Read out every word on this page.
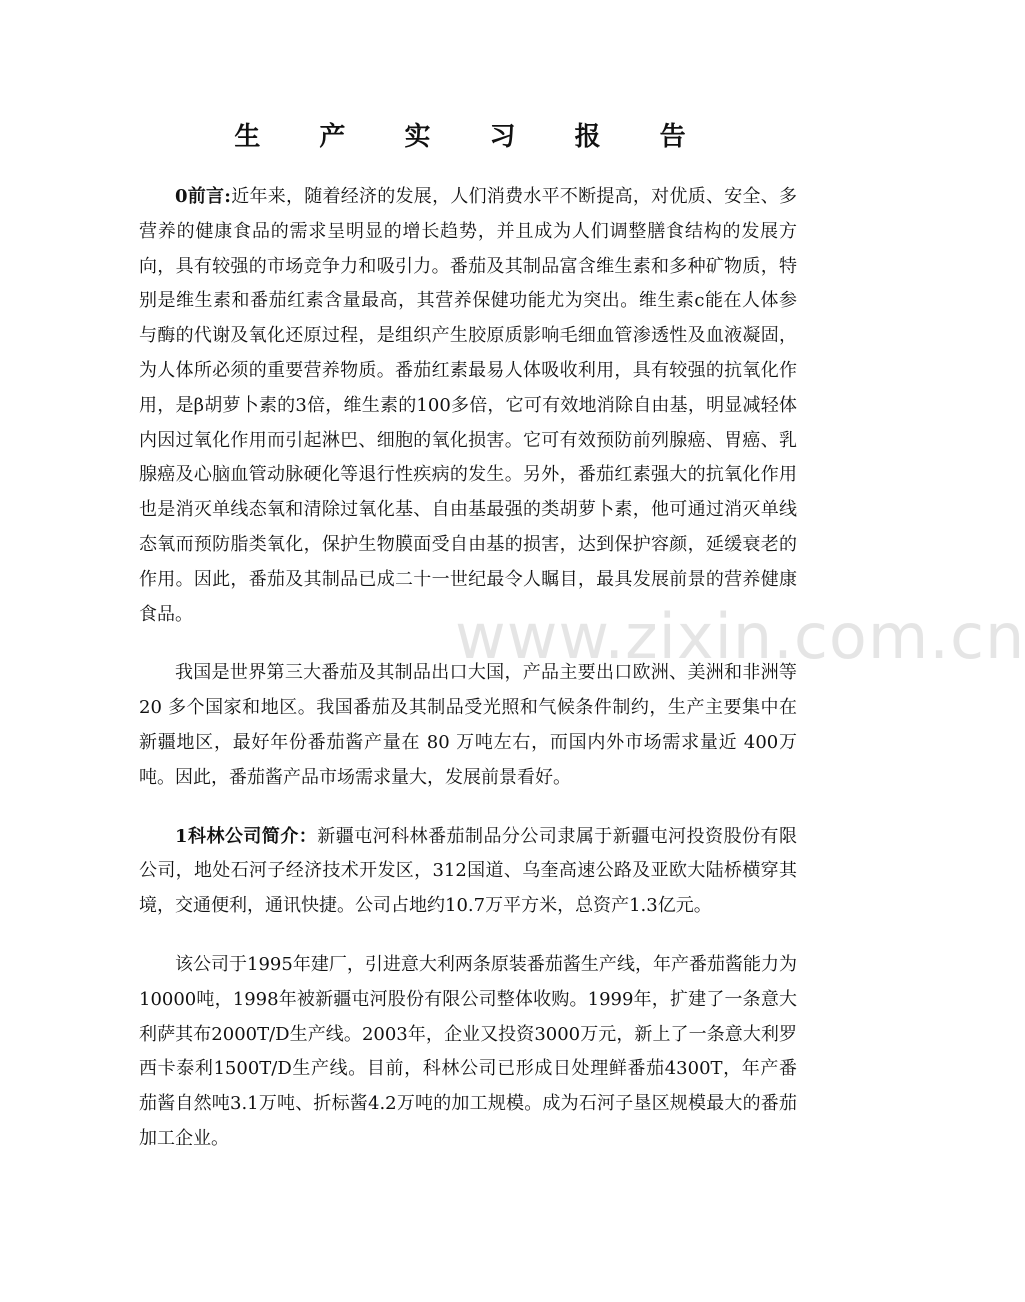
生 产 实 习 报 告

0前言:近年来，随着经济的发展，人们消费水平不断提高，对优质、安全、多营养的健康食品的需求呈明显的增长趋势，并且成为人们调整膳食结构的发展方向，具有较强的市场竞争力和吸引力。番茄及其制品富含维生素和多种矿物质，特别是维生素和番茄红素含量最高，其营养保健功能尤为突出。维生素c能在人体参与酶的代谢及氧化还原过程，是组织产生胶原质影响毛细血管渗透性及血液凝固，为人体所必须的重要营养物质。番茄红素最易人体吸收利用，具有较强的抗氧化作用，是β胡萝卜素的3倍，维生素的100多倍，它可有效地消除自由基，明显减轻体内因过氧化作用而引起淋巴、细胞的氧化损害。它可有效预防前列腺癌、胃癌、乳腺癌及心脑血管动脉硬化等退行性疾病的发生。另外，番茄红素强大的抗氧化作用也是消灭单线态氧和清除过氧化基、自由基最强的类胡萝卜素，他可通过消灭单线态氧而预防脂类氧化，保护生物膜面受自由基的损害，达到保护容颜，延缓衰老的作用。因此，番茄及其制品已成二十一世纪最令人瞩目，最具发展前景的营养健康食品。

我国是世界第三大番茄及其制品出口大国，产品主要出口欧洲、美洲和非洲等 20 多个国家和地区。我国番茄及其制品受光照和气候条件制约，生产主要集中在新疆地区，最好年份番茄酱产量在 80 万吨左右，而国内外市场需求量近 400万吨。因此，番茄酱产品市场需求量大，发展前景看好。

1科林公司简介：新疆屯河科林番茄制品分公司隶属于新疆屯河投资股份有限公司，地处石河子经济技术开发区，312国道、乌奎高速公路及亚欧大陆桥横穿其境，交通便利，通讯快捷。公司占地约10.7万平方米，总资产1.3亿元。

该公司于1995年建厂，引进意大利两条原装番茄酱生产线，年产番茄酱能力为10000吨，1998年被新疆屯河股份有限公司整体收购。1999年，扩建了一条意大利萨其布2000T/D生产线。2003年，企业又投资3000万元，新上了一条意大利罗西卡泰利1500T/D生产线。目前，科林公司已形成日处理鲜番茄4300T，年产番茄酱自然吨3.1万吨、折标酱4.2万吨的加工规模。成为石河子垦区规模最大的番茄加工企业。

www.zixin.com.cn
